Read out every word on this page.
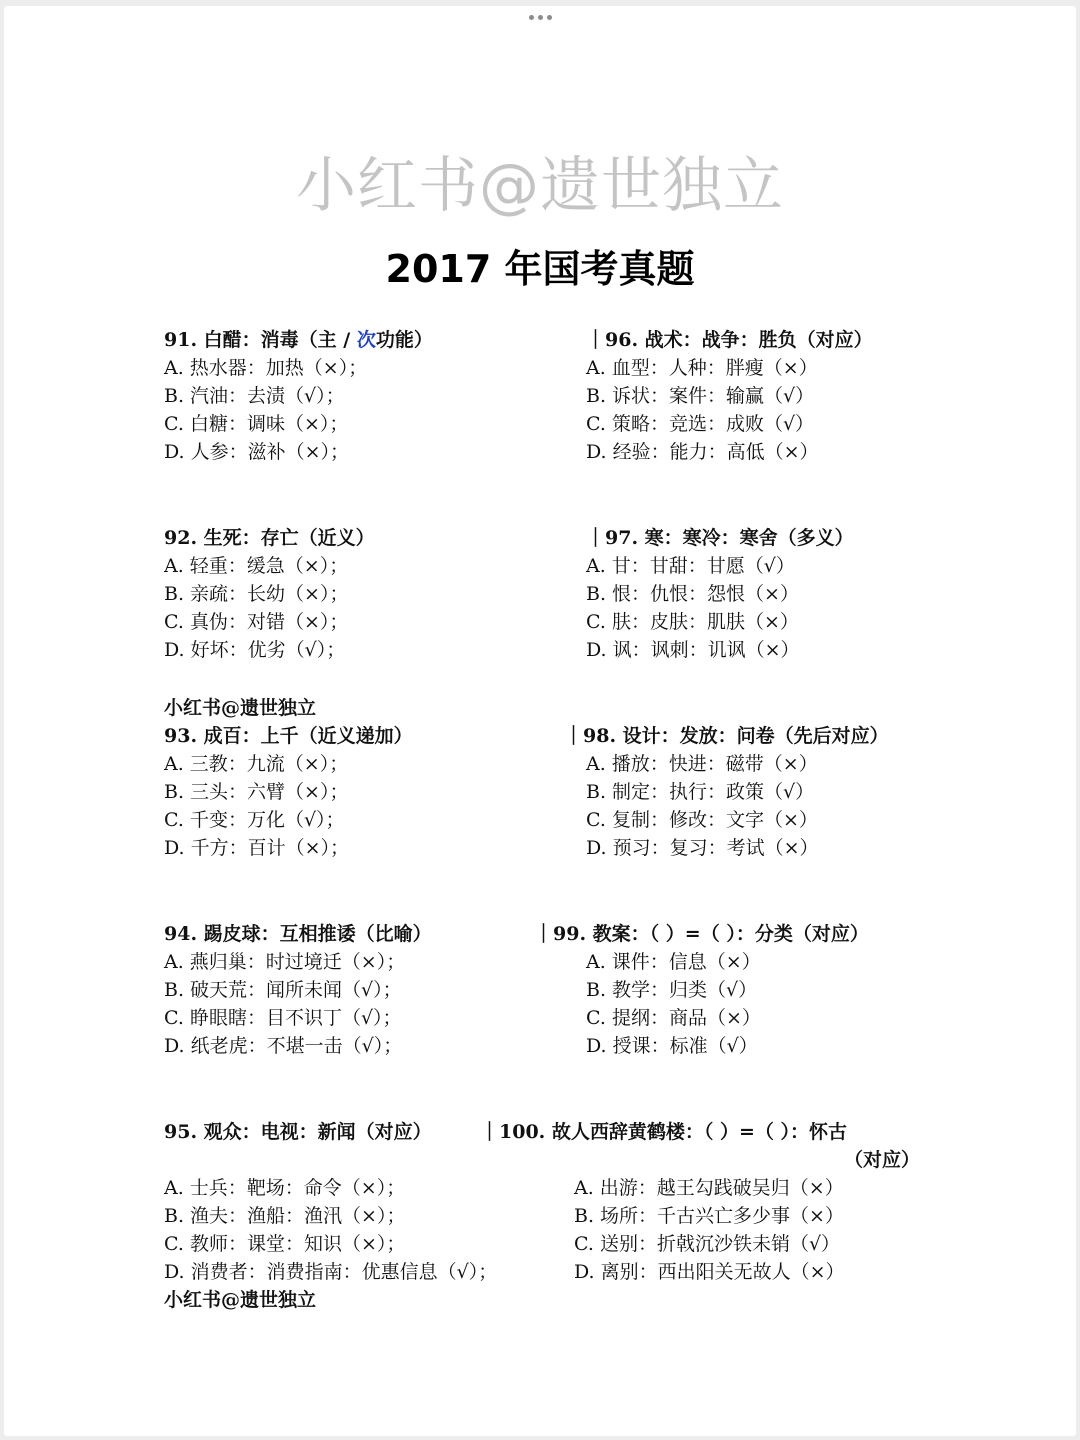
小红书@遗世独立
2017 年国考真题
91. 白醋：消毒（主 / 次功能）
A. 热水器：加热（×）；
B. 汽油：去渍（√）；
C. 白糖：调味（×）；
D. 人参：滋补（×）；
｜96. 战术：战争：胜负（对应）
A. 血型：人种：胖瘦（×）
B. 诉状：案件：输赢（√）
C. 策略：竞选：成败（√）
D. 经验：能力：高低（×）
92. 生死：存亡（近义）
A. 轻重：缓急（×）；
B. 亲疏：长幼（×）；
C. 真伪：对错（×）；
D. 好坏：优劣（√）；
｜97. 寒：寒冷：寒舍（多义）
A. 甘：甘甜：甘愿（√）
B. 恨：仇恨：怨恨（×）
C. 肤：皮肤：肌肤（×）
D. 讽：讽刺：讥讽（×）
小红书@遗世独立
93. 成百：上千（近义递加）
A. 三教：九流（×）；
B. 三头：六臂（×）；
C. 千变：万化（√）；
D. 千方：百计（×）；
｜98. 设计：发放：问卷（先后对应）
A. 播放：快进：磁带（×）
B. 制定：执行：政策（√）
C. 复制：修改：文字（×）
D. 预习：复习：考试（×）
94. 踢皮球：互相推诿（比喻）
A. 燕归巢：时过境迁（×）；
B. 破天荒：闻所未闻（√）；
C. 睁眼瞎：目不识丁（√）；
D. 纸老虎：不堪一击（√）；
｜99. 教案：（ ）=（ ）：分类（对应）
A. 课件：信息（×）
B. 教学：归类（√）
C. 提纲：商品（×）
D. 授课：标准（√）
95. 观众：电视：新闻（对应）
A. 士兵：靶场：命令（×）；
B. 渔夫：渔船：渔汛（×）；
C. 教师：课堂：知识（×）；
D. 消费者：消费指南：优惠信息（√）；
｜100. 故人西辞黄鹤楼：（ ）=（ ）：怀古
（对应）
A. 出游：越王勾践破吴归（×）
B. 场所：千古兴亡多少事（×）
C. 送别：折戟沉沙铁未销（√）
D. 离别：西出阳关无故人（×）
小红书@遗世独立
